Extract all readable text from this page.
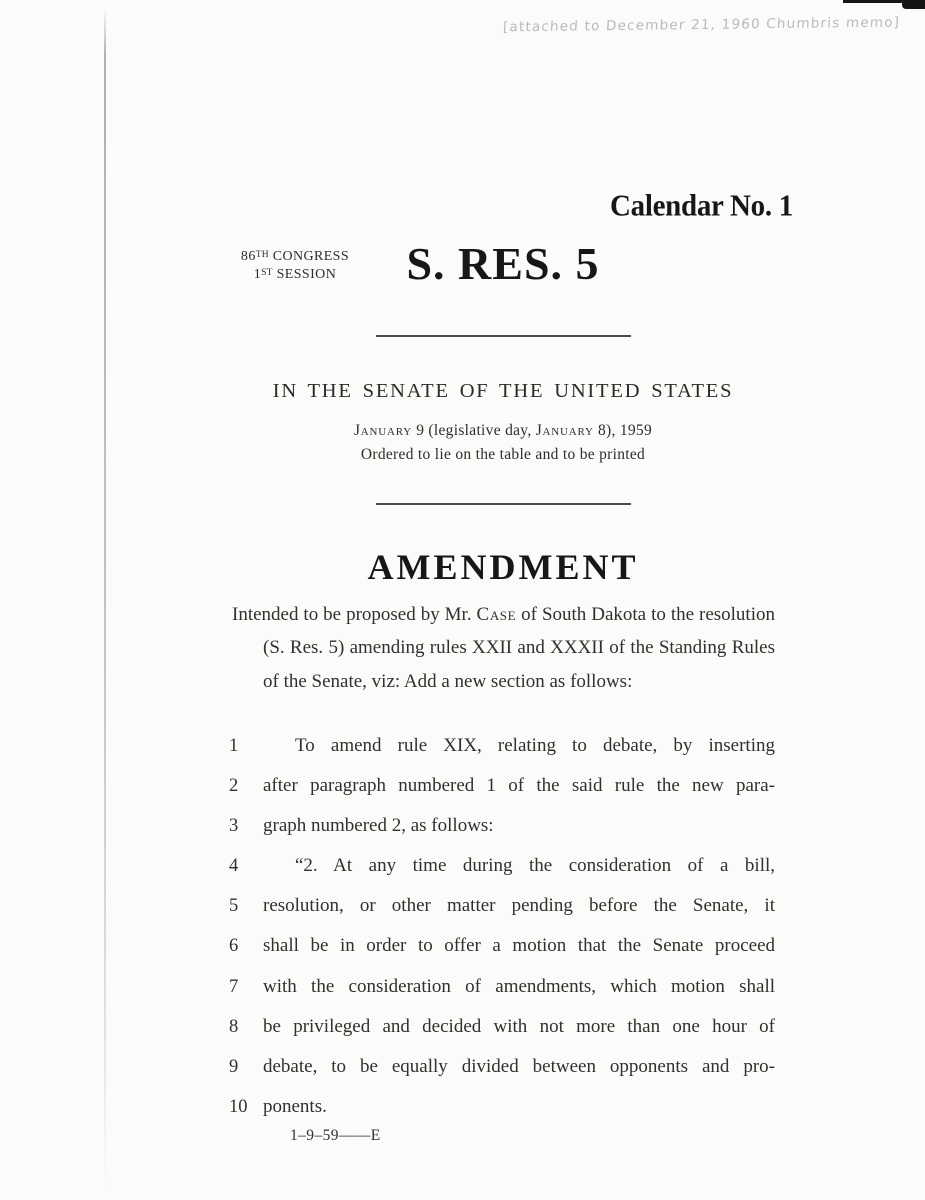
[attached to December 21, 1960 Chumbris memo]
Calendar No. 1
86TH CONGRESS
1ST SESSION	S. RES. 5
IN THE SENATE OF THE UNITED STATES
January 9 (legislative day, January 8), 1959
Ordered to lie on the table and to be printed
AMENDMENT
Intended to be proposed by Mr. Case of South Dakota to the resolution (S. Res. 5) amending rules XXII and XXXII of the Standing Rules of the Senate, viz: Add a new section as follows:
1	To amend rule XIX, relating to debate, by inserting
2 after paragraph numbered 1 of the said rule the new para-
3 graph numbered 2, as follows:
4	“2. At any time during the consideration of a bill,
5 resolution, or other matter pending before the Senate, it
6 shall be in order to offer a motion that the Senate proceed
7 with the consideration of amendments, which motion shall
8 be privileged and decided with not more than one hour of
9 debate, to be equally divided between opponents and pro-
10 ponents.
1–9–59——E
